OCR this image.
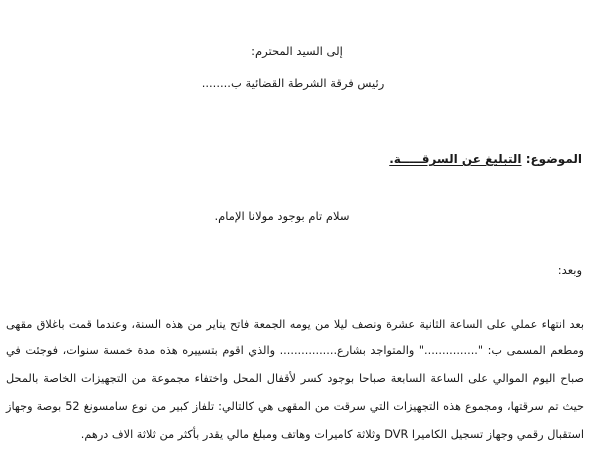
إلى السيد المحترم:
رئيس فرقة الشرطة القضائية ب........
الموضوع: التبليغ عن السرقـــــة.
سلام تام بوجود مولانا الإمام.
وبعد:
بعد انتهاء عملي على الساعة الثانية عشرة ونصف ليلا من يومه الجمعة فاتح يناير من هذه السنة، وعندما قمت باغلاق مقهى
ومطعم المسمى ب: "..............." والمتواجد بشارع................ والذي اقوم بتسييره هذه مدة خمسة سنوات، فوجئت في
صباح اليوم الموالي على الساعة السابعة صباحا بوجود كسر لأقفال المحل واختفاء مجموعة من التجهيزات الخاصة بالمحل
حيث تم سرقتها، ومجموع هذه التجهيزات التي سرقت من المقهى هي كالتالي: تلفاز كبير من نوع سامسونغ 52 بوصة وجهاز
استقبال رقمي وجهاز تسجيل الكاميرا DVR وثلاثة كاميرات وهاتف ومبلغ مالي يقدر بأكثر من ثلاثة الاف درهم.
